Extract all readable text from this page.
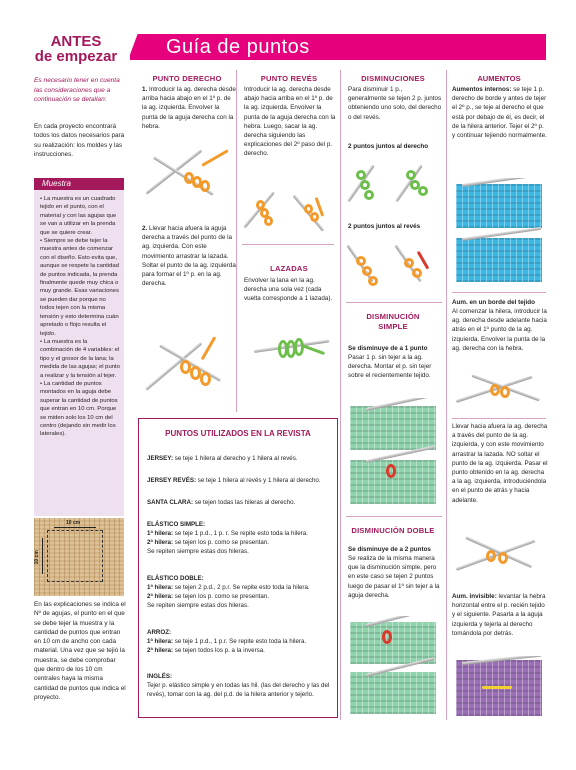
ANTES
de empezar
Es necesario tener en cuenta las consideraciones que a continuación se detallan:
En cada proyecto encontrará todos los datos necesarios para su realización: los moldes y las instrucciones.
Muestra

• La muestra es un cuadrado tejido en el punto, con el material y con las agujas que se van a utilizar en la prenda que se quiere crear.

• Siempre se debe tejer la muestra antes de comenzar con el diseño. Esto evita que, aunque se respete la cantidad de puntos indicada, la prenda finalmente quede muy chica o muy grande. Esas variaciones se pueden dar porque no todos tejen con la misma tensión y esto determina cuán apretado o flojo resulta el tejido.

• La muestra es la combinación de 4 variables: el tipo y el grosor de la lana; la medida de las agujas; el punto a realizar y la tensión al tejer.

• La cantidad de puntos montados en la aguja debe superar la cantidad de puntos que entran en 10 cm. Porque se miden solo los 10 cm del centro (dejando sin medir los laterales).

10 cm
10 cm
En las explicaciones se indica el Nº de agujas, el punto en el que se debe tejer la muestra y la cantidad de puntos que entran en 10 cm de ancho con cada material. Una vez que se tejió la muestra, se debe comprobar que dentro de los 10 cm centrales haya la misma cantidad de puntos que indica el proyecto.
Guía de puntos
PUNTO DERECHO
1. Introducir la ag. derecha desde arriba hacia abajo en el 1º p. de la ag. izquierda. Envolver la punta de la aguja derecha con la hebra.
2. Llevar hacia afuera la aguja derecha a través del punto de la ag. izquierda. Con este movimiento arrastrar la lazada. Soltar el punto de la ag. izquierda para formar el 1º p. en la ag. derecha.
PUNTO REVÉS
Introducir la ag. derecha desde abajo hacia arriba en el 1º p. de la ag. izquierda. Envolver la punta de la aguja derecha con la hebra. Luego, sacar la ag. derecha siguiendo las explicaciones del 2º paso del p. derecho.
LAZADAS
Envolver la lana en la ag. derecha una sola vez (cada vuelta corresponde a 1 lazada).
DISMINUCIONES
Para disminuir 1 p., generalmente se tejen 2 p. juntos obteniendo uno solo, del derecho o del revés.
2 puntos juntos al derecho
2 puntos juntos al revés
DISMINUCIÓN
SIMPLE
Se disminuye de a 1 punto
Pasar 1 p. sin tejer a la ag. derecha. Montar el p. sin tejer sobre el recientemente tejido.
DISMINUCIÓN DOBLE
Se disminuye de a 2 puntos
Se realiza de la misma manera que la disminución simple, pero en este caso se tejen 2 puntos luego de pasar el 1º sin tejer a la aguja derecha.
AUMENTOS
Aumentos internos: se teje 1 p. derecho de borde y antes de tejer el 2º p., se teje al derecho el que está por debajo de él, es decir, el de la hilera anterior. Tejer el 2º p. y continuar tejiendo normalmente.
Aum. en un borde del tejido
Al comenzar la hilera, introducir la ag. derecha desde adelante hacia atrás en el 1º punto de la ag. izquierda. Envolver la punta de la ag. derecha con la hebra.
Llevar hacia afuera la ag. derecha a través del punto de la ag. izquierda, y con este movimiento arrastrar la lazada. NO soltar el punto de la ag. izquierda. Pasar el punto obtenido en la ag. derecha a la ag. izquierda, introduciéndola en el punto de atrás y hacia adelante.
Aum. invisible: levantar la hebra horizontal entre el p. recién tejido y el siguiente. Pasarla a la aguja izquierda y tejerla al derecho tomándola por detrás.
PUNTOS UTILIZADOS EN LA REVISTA
JERSEY: se teje 1 hilera al derecho y 1 hilera al revés.
JERSEY REVÉS: se teje 1 hilera al revés y 1 hilera al derecho.
SANTA CLARA: se tejen todas las hileras al derecho.
ELÁSTICO SIMPLE:
1ª hilera: se teje 1 p.d., 1 p. r. Se repite esto toda la hilera.
2ª hilera: se tejen los p. como se presentan.
Se repiten siempre estas dos hileras.
ELÁSTICO DOBLE:
1ª hilera: se tejen 2 p.d., 2 p.r. Se repite esto toda la hilera.
2ª hilera: se tejen los p. como se presentan.
Se repiten siempre estas dos hileras.
ARROZ:
1ª hilera: se teje 1 p.d., 1 p.r. Se repite esto toda la hilera.
2ª hilera: se tejen todos los p. a la inversa.
INGLÉS:
Tejer p. elástico simple y en todas las hil. (las del derecho y las del revés), tomar con la ag. del p.d. de la hilera anterior y tejerlo.
